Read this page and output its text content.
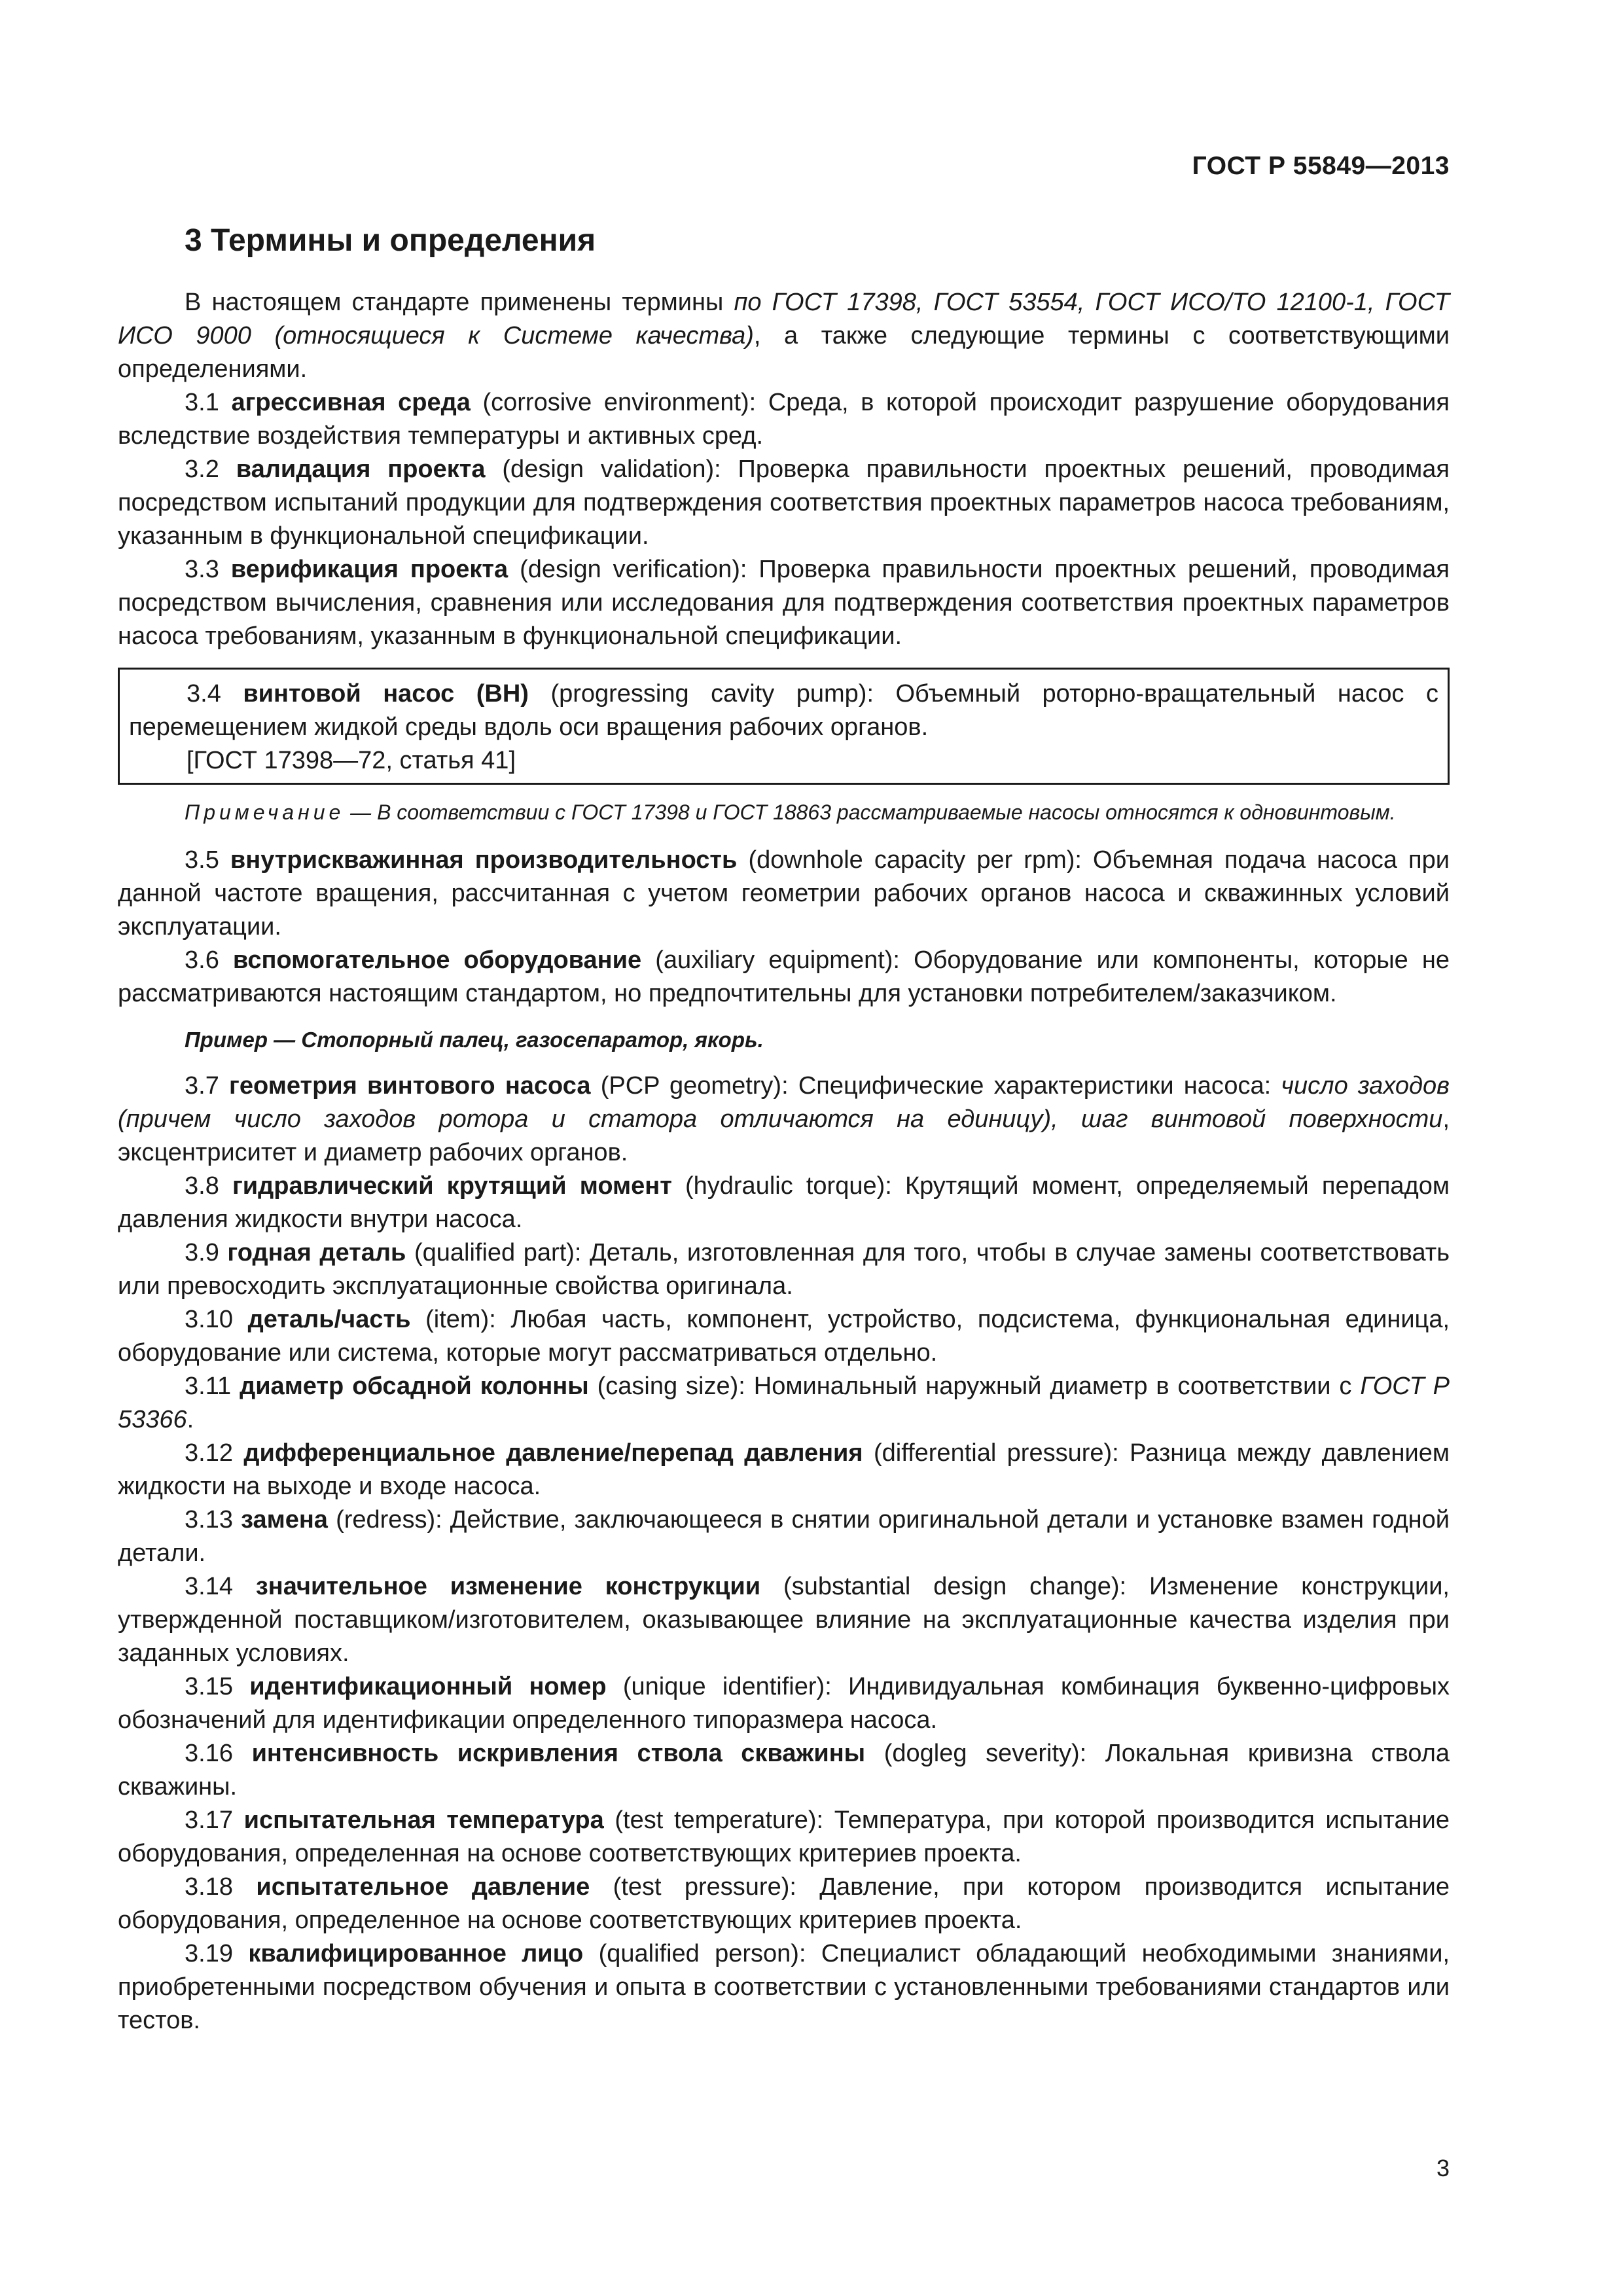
ГОСТ Р 55849—2013
3 Термины и определения

В настоящем стандарте применены термины по ГОСТ 17398, ГОСТ 53554, ГОСТ ИСО/ТО 12100-1, ГОСТ ИСО 9000 (относящиеся к Системе качества), а также следующие термины с соответствующими определениями.

3.1 агрессивная среда (corrosive environment): Среда, в которой происходит разрушение оборудования вследствие воздействия температуры и активных сред.

3.2 валидация проекта (design validation): Проверка правильности проектных решений, проводимая посредством испытаний продукции для подтверждения соответствия проектных параметров насоса требованиям, указанным в функциональной спецификации.

3.3 верификация проекта (design verification): Проверка правильности проектных решений, проводимая посредством вычисления, сравнения или исследования для подтверждения соответствия проектных параметров насоса требованиям, указанным в функциональной спецификации.

3.4 винтовой насос (ВН) (progressing cavity pump): Объемный роторно-вращательный насос с перемещением жидкой среды вдоль оси вращения рабочих органов.

[ГОСТ 17398—72, статья 41]

Примечание — В соответствии с ГОСТ 17398 и ГОСТ 18863 рассматриваемые насосы относятся к одновинтовым.

3.5 внутрискважинная производительность (downhole capacity per rpm): Объемная подача насоса при данной частоте вращения, рассчитанная с учетом геометрии рабочих органов насоса и скважинных условий эксплуатации.

3.6 вспомогательное оборудование (auxiliary equipment): Оборудование или компоненты, которые не рассматриваются настоящим стандартом, но предпочтительны для установки потребителем/заказчиком.

Пример — Стопорный палец, газосепаратор, якорь.

3.7 геометрия винтового насоса (PCP geometry): Специфические характеристики насоса: число заходов (причем число заходов ротора и статора отличаются на единицу), шаг винтовой поверхности, эксцентриситет и диаметр рабочих органов.

3.8 гидравлический крутящий момент (hydraulic torque): Крутящий момент, определяемый перепадом давления жидкости внутри насоса.

3.9 годная деталь (qualified part): Деталь, изготовленная для того, чтобы в случае замены соответствовать или превосходить эксплуатационные свойства оригинала.

3.10 деталь/часть (item): Любая часть, компонент, устройство, подсистема, функциональная единица, оборудование или система, которые могут рассматриваться отдельно.

3.11 диаметр обсадной колонны (casing size): Номинальный наружный диаметр в соответствии с ГОСТ Р 53366.

3.12 дифференциальное давление/перепад давления (differential pressure): Разница между давлением жидкости на выходе и входе насоса.

3.13 замена (redress): Действие, заключающееся в снятии оригинальной детали и установке взамен годной детали.

3.14 значительное изменение конструкции (substantial design change): Изменение конструкции, утвержденной поставщиком/изготовителем, оказывающее влияние на эксплуатационные качества изделия при заданных условиях.

3.15 идентификационный номер (unique identifier): Индивидуальная комбинация буквенно-цифровых обозначений для идентификации определенного типоразмера насоса.

3.16 интенсивность искривления ствола скважины (dogleg severity): Локальная кривизна ствола скважины.

3.17 испытательная температура (test temperature): Температура, при которой производится испытание оборудования, определенная на основе соответствующих критериев проекта.

3.18 испытательное давление (test pressure): Давление, при котором производится испытание оборудования, определенное на основе соответствующих критериев проекта.

3.19 квалифицированное лицо (qualified person): Специалист обладающий необходимыми знаниями, приобретенными посредством обучения и опыта в соответствии с установленными требованиями стандартов или тестов.

3
